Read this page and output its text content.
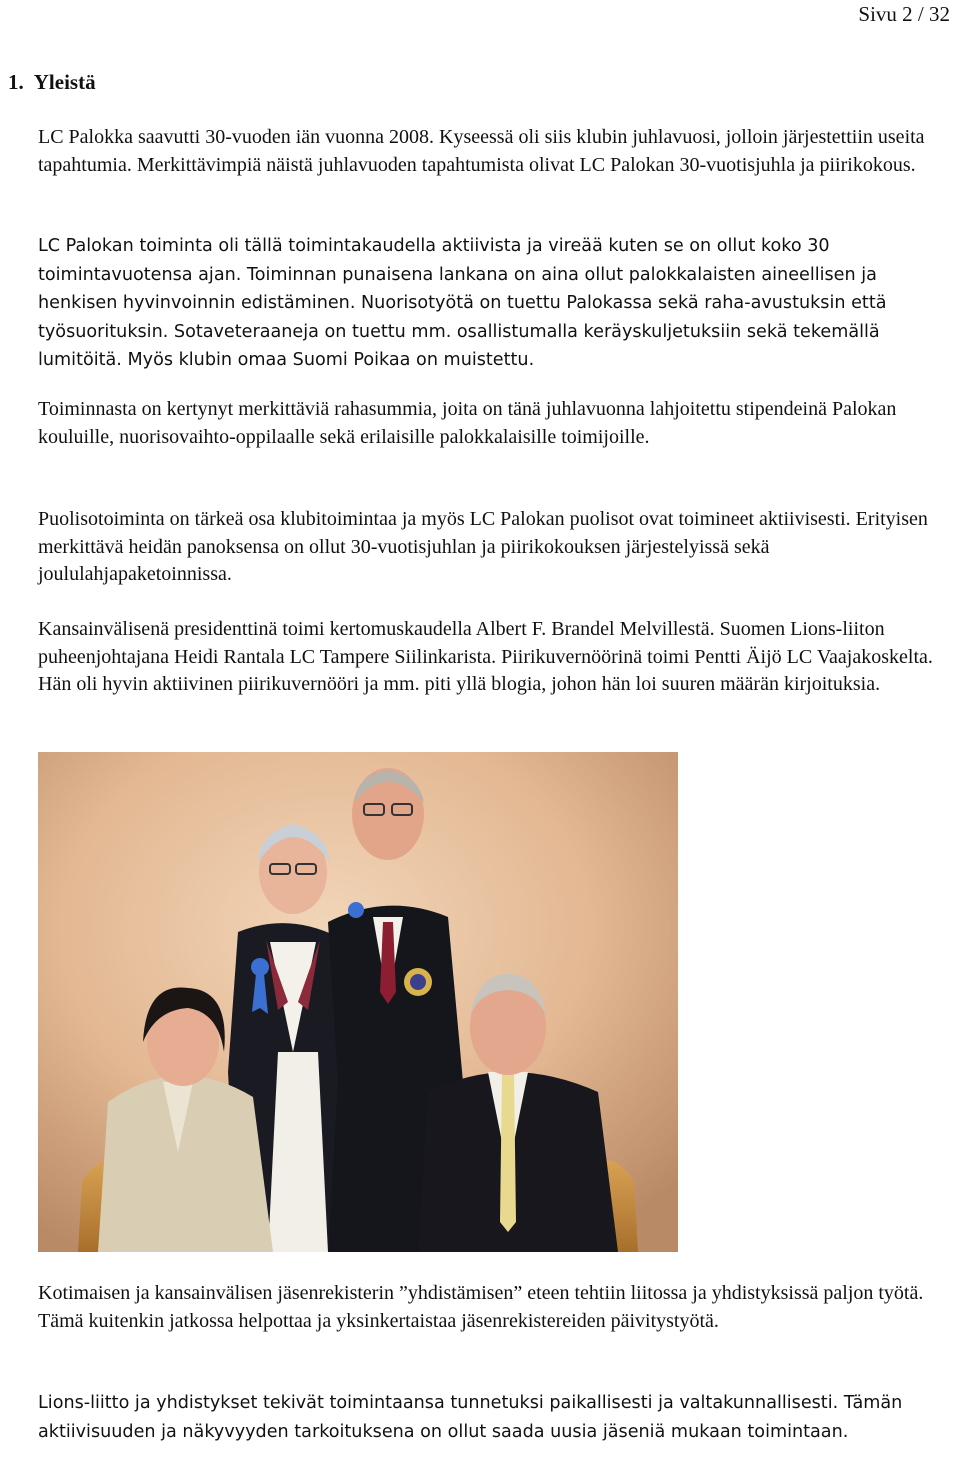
Sivu 2 / 32
1. Yleistä

LC Palokka saavutti 30-vuoden iän vuonna 2008. Kyseessä oli siis klubin juhlavuosi, jolloin järjestettiin useita tapahtumia. Merkittävimpiä näistä juhlavuoden tapahtumista olivat LC Palokan 30-vuotisjuhla ja piirikokous.

LC Palokan toiminta oli tällä toimintakaudella aktiivista ja vireää kuten se on ollut koko 30 toimintavuotensa ajan. Toiminnan punaisena lankana on aina ollut palokkalaisten aineellisen ja henkisen hyvinvoinnin edistäminen. Nuorisotyötä on tuettu Palokassa sekä raha-avustuksin että työsuorituksin. Sotaveteraaneja on tuettu mm. osallistumalla keräyskuljetuksiin sekä tekemällä lumitöitä. Myös klubin omaa Suomi Poikaa on muistettu.

Toiminnasta on kertynyt merkittäviä rahasummia, joita on tänä juhlavuonna lahjoitettu stipendeinä Palokan kouluille, nuorisovaihto-oppilaalle sekä erilaisille palokkalaisille toimijoille.

Puolisotoiminta on tärkeä osa klubitoimintaa ja myös LC Palokan puolisot ovat toimineet aktiivisesti. Erityisen merkittävä heidän panoksensa on ollut 30-vuotisjuhlan ja piirikokouksen järjestelyissä sekä joululahjapaketoinnissa.

Kansainvälisenä presidenttinä toimi kertomuskaudella Albert F. Brandel Melvillestä. Suomen Lions-liiton puheenjohtajana Heidi Rantala LC Tampere Siilinkarista. Piirikuvernöörinä toimi Pentti Äijö LC Vaajakoskelta. Hän oli hyvin aktiivinen piirikuvernööri ja mm. piti yllä blogia, johon hän loi suuren määrän kirjoituksia.

Kotimaisen ja kansainvälisen jäsenrekisterin ”yhdistämisen” eteen tehtiin liitossa ja yhdistyksissä paljon työtä. Tämä kuitenkin jatkossa helpottaa ja yksinkertaistaa jäsenrekistereiden päivitystyötä.

Lions-liitto ja yhdistykset tekivät toimintaansa tunnetuksi paikallisesti ja valtakunnallisesti. Tämän aktiivisuuden ja näkyvyyden tarkoituksena on ollut saada uusia jäseniä mukaan toimintaan.
